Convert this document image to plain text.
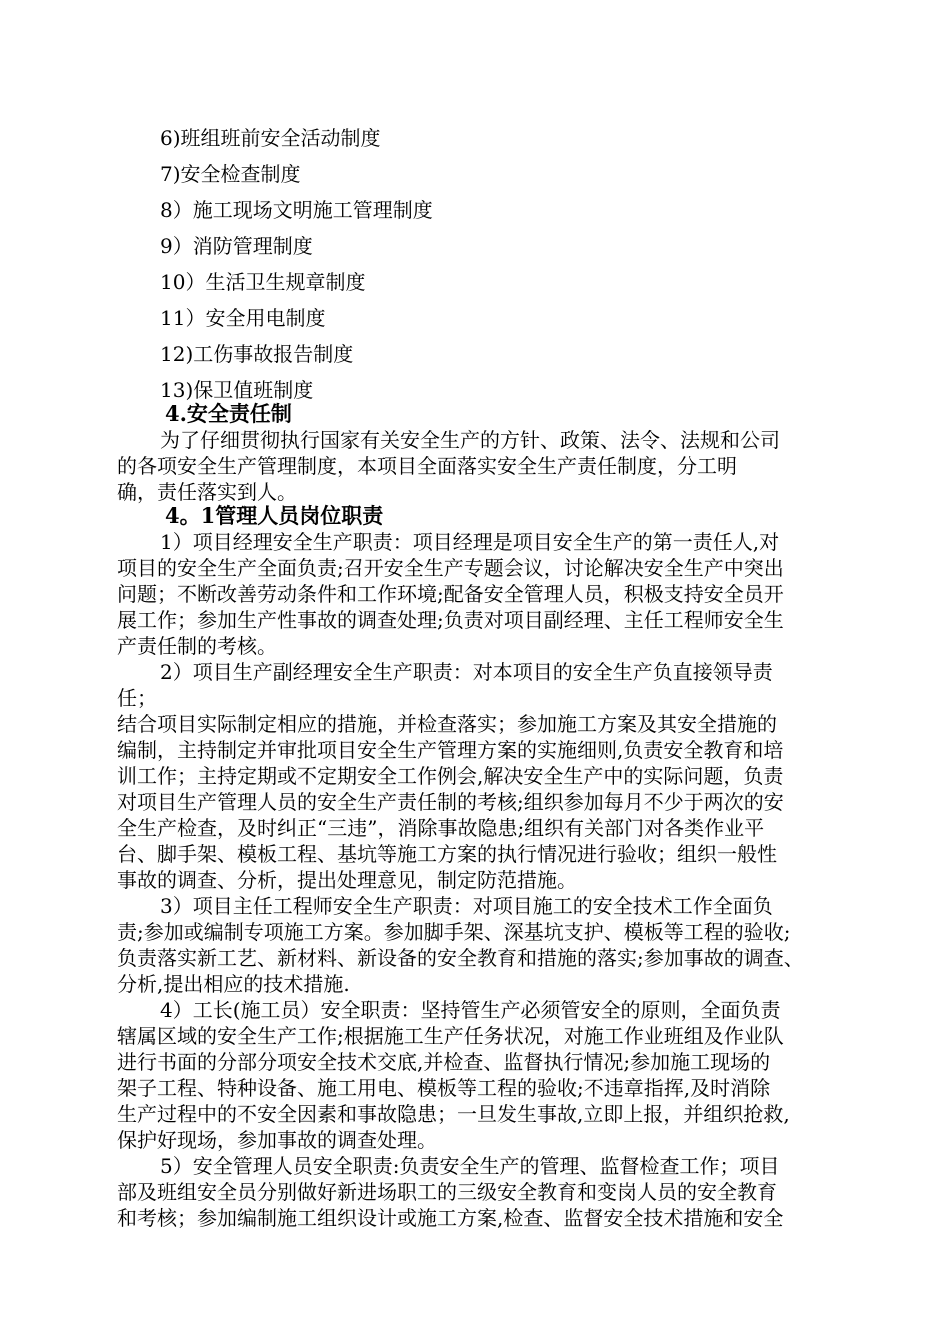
6)班组班前安全活动制度
7)安全检查制度
8）施工现场文明施工管理制度
9）消防管理制度
10）生活卫生规章制度
11）安全用电制度
12)工伤事故报告制度
13)保卫值班制度
4.安全责任制
为了仔细贯彻执行国家有关安全生产的方针、政策、法令、法规和公司
的各项安全生产管理制度，本项目全面落实安全生产责任制度，分工明
确，责任落实到人。
4。1管理人员岗位职责
1）项目经理安全生产职责：项目经理是项目安全生产的第一责任人,对
项目的安全生产全面负责;召开安全生产专题会议，讨论解决安全生产中突出
问题；不断改善劳动条件和工作环境;配备安全管理人员，积极支持安全员开
展工作；参加生产性事故的调查处理;负责对项目副经理、主任工程师安全生
产责任制的考核。
2）项目生产副经理安全生产职责：对本项目的安全生产负直接领导责
任；
结合项目实际制定相应的措施，并检查落实；参加施工方案及其安全措施的
编制，主持制定并审批项目安全生产管理方案的实施细则,负责安全教育和培
训工作；主持定期或不定期安全工作例会,解决安全生产中的实际问题，负责
对项目生产管理人员的安全生产责任制的考核;组织参加每月不少于两次的安
全生产检查，及时纠正“三违”，消除事故隐患;组织有关部门对各类作业平
台、脚手架、模板工程、基坑等施工方案的执行情况进行验收；组织一般性
事故的调查、分析，提出处理意见，制定防范措施。
3）项目主任工程师安全生产职责：对项目施工的安全技术工作全面负
责;参加或编制专项施工方案。参加脚手架、深基坑支护、模板等工程的验收;
负责落实新工艺、新材料、新设备的安全教育和措施的落实;参加事故的调查、
分析,提出相应的技术措施.
4）工长(施工员）安全职责：坚持管生产必须管安全的原则，全面负责
辖属区域的安全生产工作;根据施工生产任务状况，对施工作业班组及作业队
进行书面的分部分项安全技术交底,并检查、监督执行情况;参加施工现场的
架子工程、特种设备、施工用电、模板等工程的验收;不违章指挥,及时消除
生产过程中的不安全因素和事故隐患；一旦发生事故,立即上报，并组织抢救,
保护好现场，参加事故的调查处理。
5）安全管理人员安全职责:负责安全生产的管理、监督检查工作；项目
部及班组安全员分别做好新进场职工的三级安全教育和变岗人员的安全教育
和考核；参加编制施工组织设计或施工方案,检查、监督安全技术措施和安全
